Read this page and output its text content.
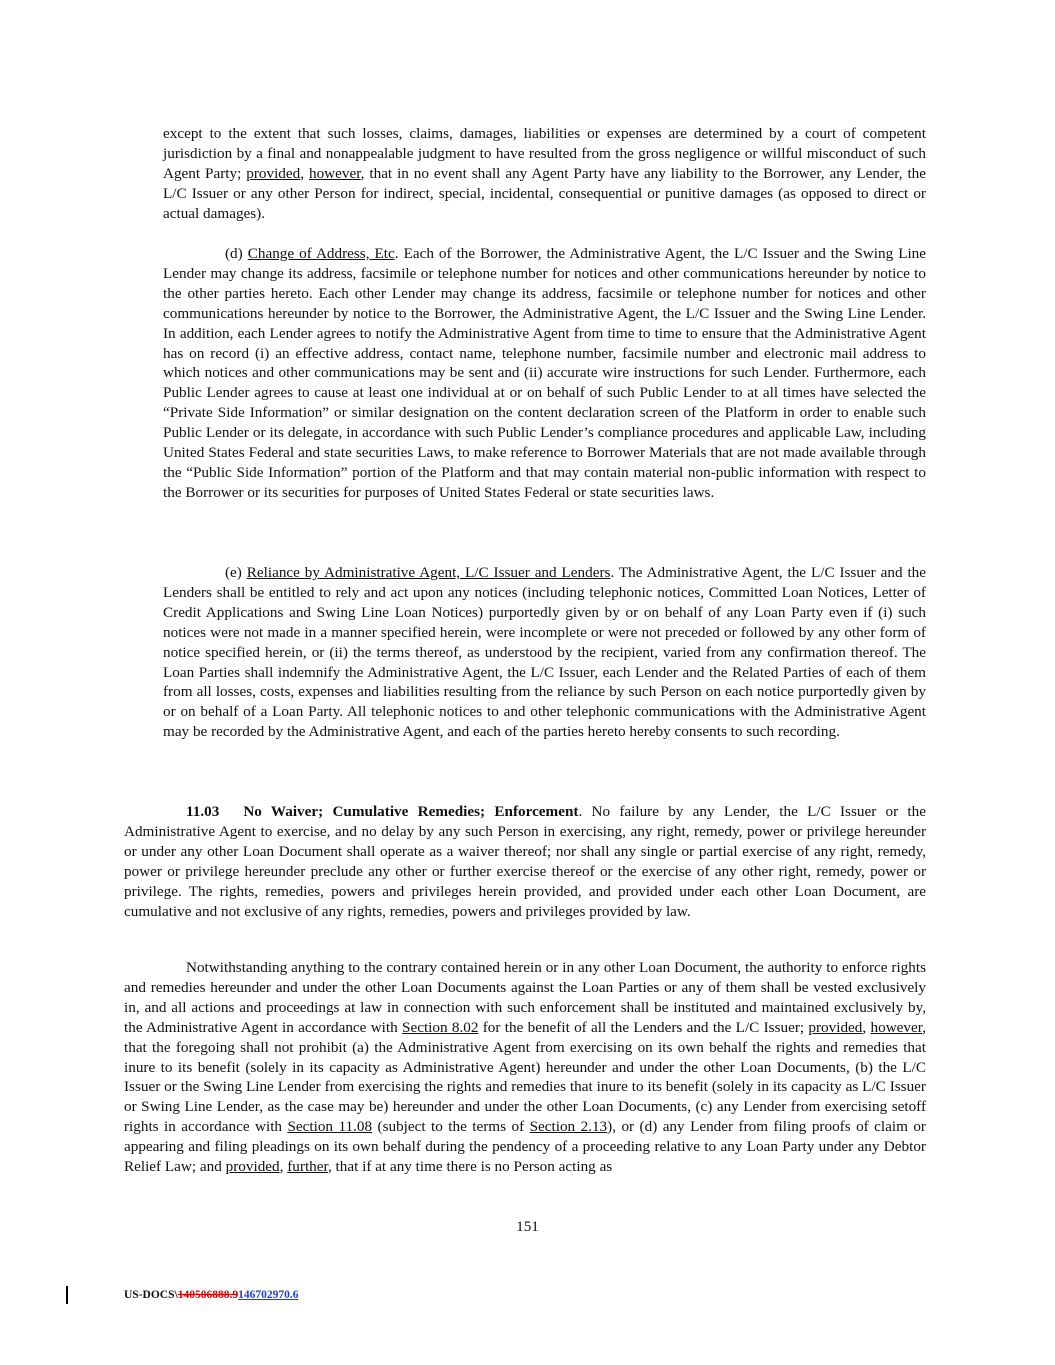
except to the extent that such losses, claims, damages, liabilities or expenses are determined by a court of competent jurisdiction by a final and nonappealable judgment to have resulted from the gross negligence or willful misconduct of such Agent Party; provided, however, that in no event shall any Agent Party have any liability to the Borrower, any Lender, the L/C Issuer or any other Person for indirect, special, incidental, consequential or punitive damages (as opposed to direct or actual damages).

(d) Change of Address, Etc. Each of the Borrower, the Administrative Agent, the L/C Issuer and the Swing Line Lender may change its address, facsimile or telephone number for notices and other communications hereunder by notice to the other parties hereto. Each other Lender may change its address, facsimile or telephone number for notices and other communications hereunder by notice to the Borrower, the Administrative Agent, the L/C Issuer and the Swing Line Lender. In addition, each Lender agrees to notify the Administrative Agent from time to time to ensure that the Administrative Agent has on record (i) an effective address, contact name, telephone number, facsimile number and electronic mail address to which notices and other communications may be sent and (ii) accurate wire instructions for such Lender. Furthermore, each Public Lender agrees to cause at least one individual at or on behalf of such Public Lender to at all times have selected the “Private Side Information” or similar designation on the content declaration screen of the Platform in order to enable such Public Lender or its delegate, in accordance with such Public Lender’s compliance procedures and applicable Law, including United States Federal and state securities Laws, to make reference to Borrower Materials that are not made available through the “Public Side Information” portion of the Platform and that may contain material non-public information with respect to the Borrower or its securities for purposes of United States Federal or state securities laws.

(e) Reliance by Administrative Agent, L/C Issuer and Lenders. The Administrative Agent, the L/C Issuer and the Lenders shall be entitled to rely and act upon any notices (including telephonic notices, Committed Loan Notices, Letter of Credit Applications and Swing Line Loan Notices) purportedly given by or on behalf of any Loan Party even if (i) such notices were not made in a manner specified herein, were incomplete or were not preceded or followed by any other form of notice specified herein, or (ii) the terms thereof, as understood by the recipient, varied from any confirmation thereof. The Loan Parties shall indemnify the Administrative Agent, the L/C Issuer, each Lender and the Related Parties of each of them from all losses, costs, expenses and liabilities resulting from the reliance by such Person on each notice purportedly given by or on behalf of a Loan Party. All telephonic notices to and other telephonic communications with the Administrative Agent may be recorded by the Administrative Agent, and each of the parties hereto hereby consents to such recording.

11.03 No Waiver; Cumulative Remedies; Enforcement. No failure by any Lender, the L/C Issuer or the Administrative Agent to exercise, and no delay by any such Person in exercising, any right, remedy, power or privilege hereunder or under any other Loan Document shall operate as a waiver thereof; nor shall any single or partial exercise of any right, remedy, power or privilege hereunder preclude any other or further exercise thereof or the exercise of any other right, remedy, power or privilege. The rights, remedies, powers and privileges herein provided, and provided under each other Loan Document, are cumulative and not exclusive of any rights, remedies, powers and privileges provided by law.

Notwithstanding anything to the contrary contained herein or in any other Loan Document, the authority to enforce rights and remedies hereunder and under the other Loan Documents against the Loan Parties or any of them shall be vested exclusively in, and all actions and proceedings at law in connection with such enforcement shall be instituted and maintained exclusively by, the Administrative Agent in accordance with Section 8.02 for the benefit of all the Lenders and the L/C Issuer; provided, however, that the foregoing shall not prohibit (a) the Administrative Agent from exercising on its own behalf the rights and remedies that inure to its benefit (solely in its capacity as Administrative Agent) hereunder and under the other Loan Documents, (b) the L/C Issuer or the Swing Line Lender from exercising the rights and remedies that inure to its benefit (solely in its capacity as L/C Issuer or Swing Line Lender, as the case may be) hereunder and under the other Loan Documents, (c) any Lender from exercising setoff rights in accordance with Section 11.08 (subject to the terms of Section 2.13), or (d) any Lender from filing proofs of claim or appearing and filing pleadings on its own behalf during the pendency of a proceeding relative to any Loan Party under any Debtor Relief Law; and provided, further, that if at any time there is no Person acting as

151
US-DOCS\140506888.9146702970.6
